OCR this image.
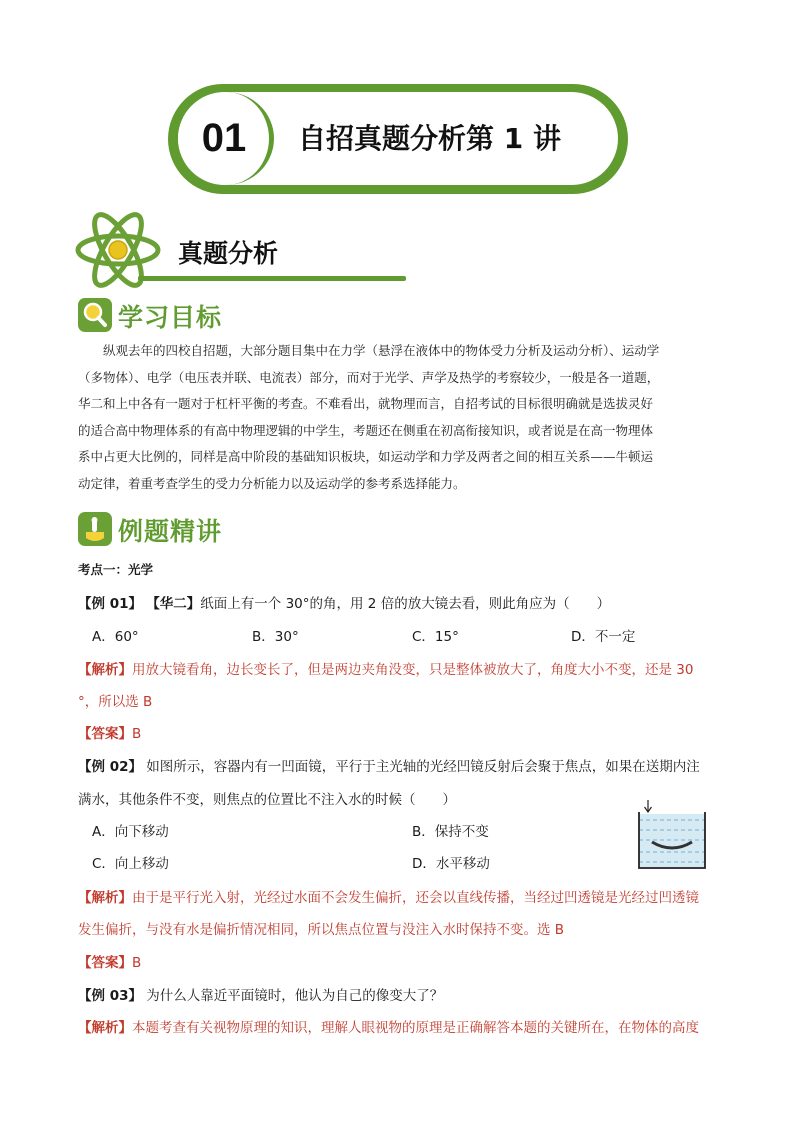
01	自招真题分析第 1 讲
真题分析
学习目标
纵观去年的四校自招题，大部分题目集中在力学（悬浮在液体中的物体受力分析及运动分析）、运动学
（多物体）、电学（电压表并联、电流表）部分，而对于光学、声学及热学的考察较少，一般是各一道题，
华二和上中各有一题对于杠杆平衡的考查。不难看出，就物理而言，自招考试的目标很明确就是选拔灵好
的适合高中物理体系的有高中物理逻辑的中学生，考题还在侧重在初高衔接知识，或者说是在高一物理体
系中占更大比例的，同样是高中阶段的基础知识板块，如运动学和力学及两者之间的相互关系——牛顿运
动定律，着重考查学生的受力分析能力以及运动学的参考系选择能力。
例题精讲
考点一：光学
【例 01】 【华二】纸面上有一个 30°的角，用 2 倍的放大镜去看，则此角应为（　　）
A．60°	B．30°	C．15°	D．不一定
【解析】用放大镜看角，边长变长了，但是两边夹角没变，只是整体被放大了，角度大小不变，还是 30
°，所以选 B
【答案】B
【例 02】 如图所示，容器内有一凹面镜，平行于主光轴的光经凹镜反射后会聚于焦点，如果在送期内注
满水，其他条件不变，则焦点的位置比不注入水的时候（　　）
A．向下移动	B．保持不变
C．向上移动	D．水平移动
【解析】由于是平行光入射，光经过水面不会发生偏折，还会以直线传播，当经过凹透镜是光经过凹透镜
发生偏折，与没有水是偏折情况相同，所以焦点位置与没注入水时保持不变。选 B
【答案】B
【例 03】 为什么人靠近平面镜时，他认为自己的像变大了？
【解析】本题考查有关视物原理的知识，理解人眼视物的原理是正确解答本题的关键所在，在物体的高度
